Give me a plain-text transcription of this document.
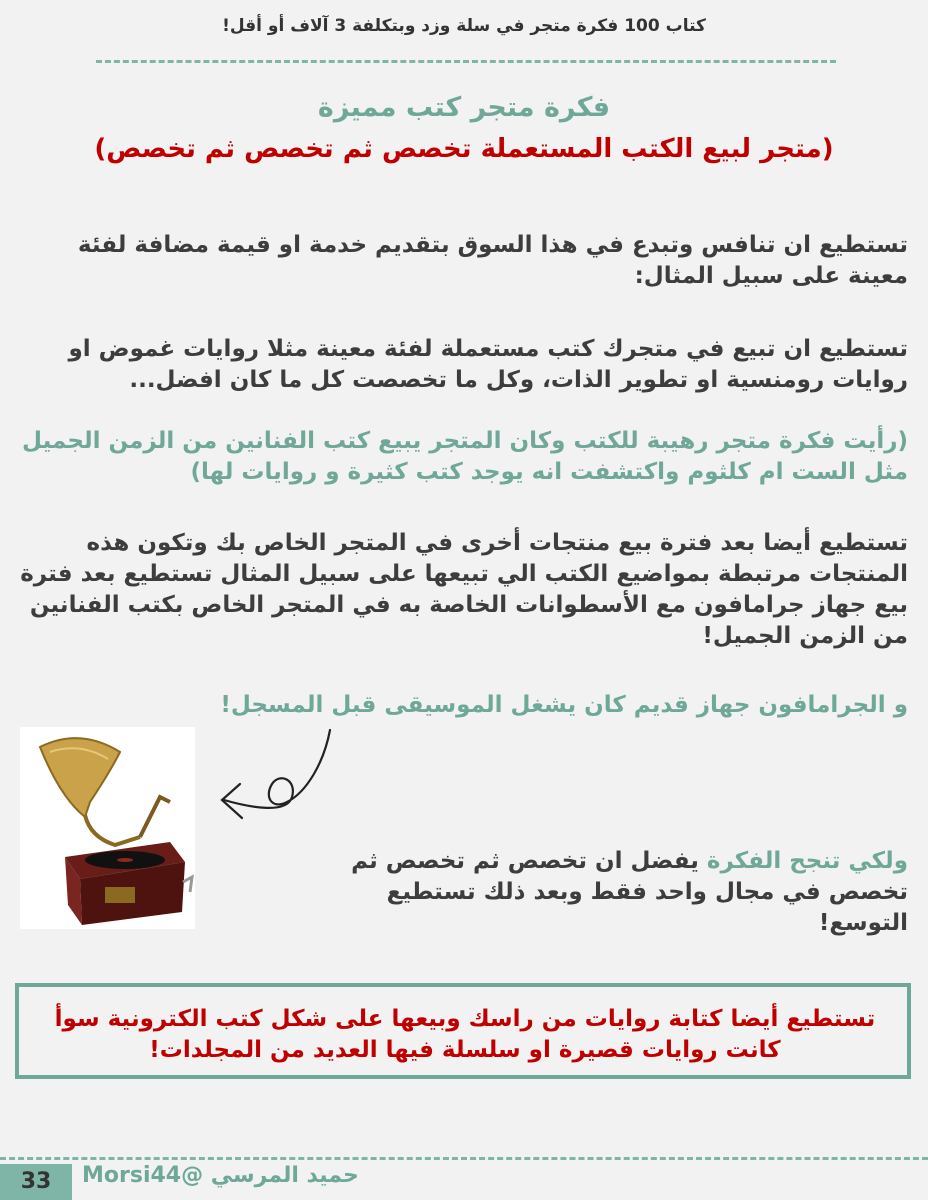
كتاب 100 فكرة متجر في سلة وزد وبتكلفة 3 آلاف أو أقل!
فكرة متجر كتب مميزة
(متجر لبيع الكتب المستعملة تخصص ثم تخصص ثم تخصص)
تستطيع ان تنافس وتبدع في هذا السوق بتقديم خدمة او قيمة مضافة لفئة معينة على سبيل المثال:
تستطيع ان تبيع في متجرك كتب مستعملة لفئة معينة مثلا روايات غموض او روايات رومنسية او تطوير الذات، وكل ما تخصصت كل ما كان افضل...
(رأيت فكرة متجر رهيبة للكتب وكان المتجر يبيع كتب الفنانين من الزمن الجميل مثل الست ام كلثوم واكتشفت انه يوجد كتب كثيرة و روايات لها)
تستطيع أيضا بعد فترة بيع منتجات أخرى في المتجر الخاص بك وتكون هذه المنتجات مرتبطة بمواضيع الكتب الي تبيعها على سبيل المثال تستطيع بعد فترة بيع جهاز جرامافون مع الأسطوانات الخاصة به في المتجر الخاص بكتب الفنانين من الزمن الجميل!
و الجرامافون جهاز قديم كان يشغل الموسيقى قبل المسجل!
ولكي تنجح الفكرة يفضل ان تخصص ثم تخصص ثم تخصص في مجال واحد فقط وبعد ذلك تستطيع التوسع!
تستطيع أيضا كتابة روايات من راسك وبيعها على شكل كتب الكترونية سوأ كانت روايات قصيرة او سلسلة فيها العديد من المجلدات!
33	حميد المرسي @Morsi44
